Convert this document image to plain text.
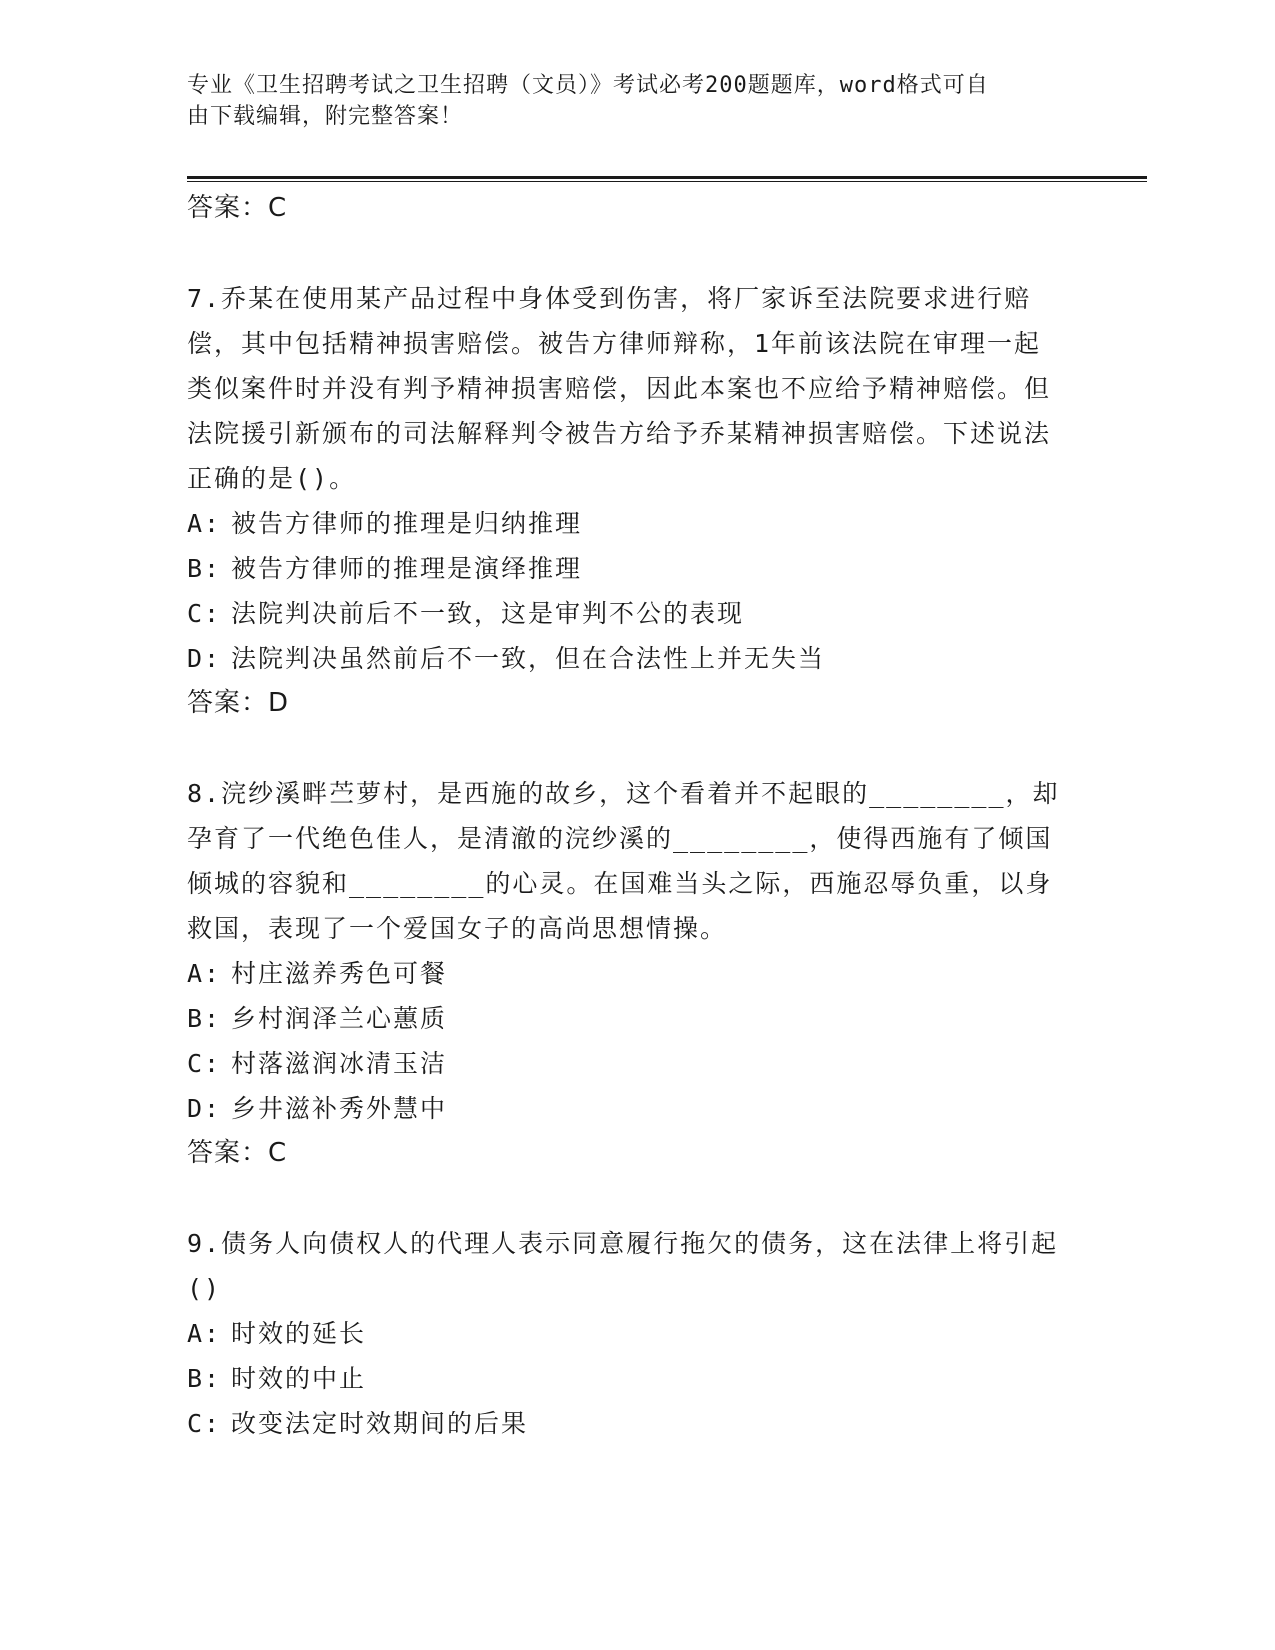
专业《卫生招聘考试之卫生招聘（文员）》考试必考200题题库，word格式可自
由下载编辑，附完整答案！
答案：C
7.乔某在使用某产品过程中身体受到伤害，将厂家诉至法院要求进行赔偿，其中包括精神损害赔偿。被告方律师辩称，1年前该法院在审理一起类似案件时并没有判予精神损害赔偿，因此本案也不应给予精神赔偿。但法院援引新颁布的司法解释判令被告方给予乔某精神损害赔偿。下述说法正确的是()。
A: 被告方律师的推理是归纳推理
B: 被告方律师的推理是演绎推理
C: 法院判决前后不一致，这是审判不公的表现
D: 法院判决虽然前后不一致，但在合法性上并无失当
答案：D
8.浣纱溪畔苎萝村，是西施的故乡，这个看着并不起眼的________，却孕育了一代绝色佳人，是清澈的浣纱溪的________，使得西施有了倾国倾城的容貌和________的心灵。在国难当头之际，西施忍辱负重，以身救国，表现了一个爱国女子的高尚思想情操。
A: 村庄滋养秀色可餐
B: 乡村润泽兰心蕙质
C: 村落滋润冰清玉洁
D: 乡井滋补秀外慧中
答案：C
9.债务人向债权人的代理人表示同意履行拖欠的债务，这在法律上将引起()
A: 时效的延长
B: 时效的中止
C: 改变法定时效期间的后果
